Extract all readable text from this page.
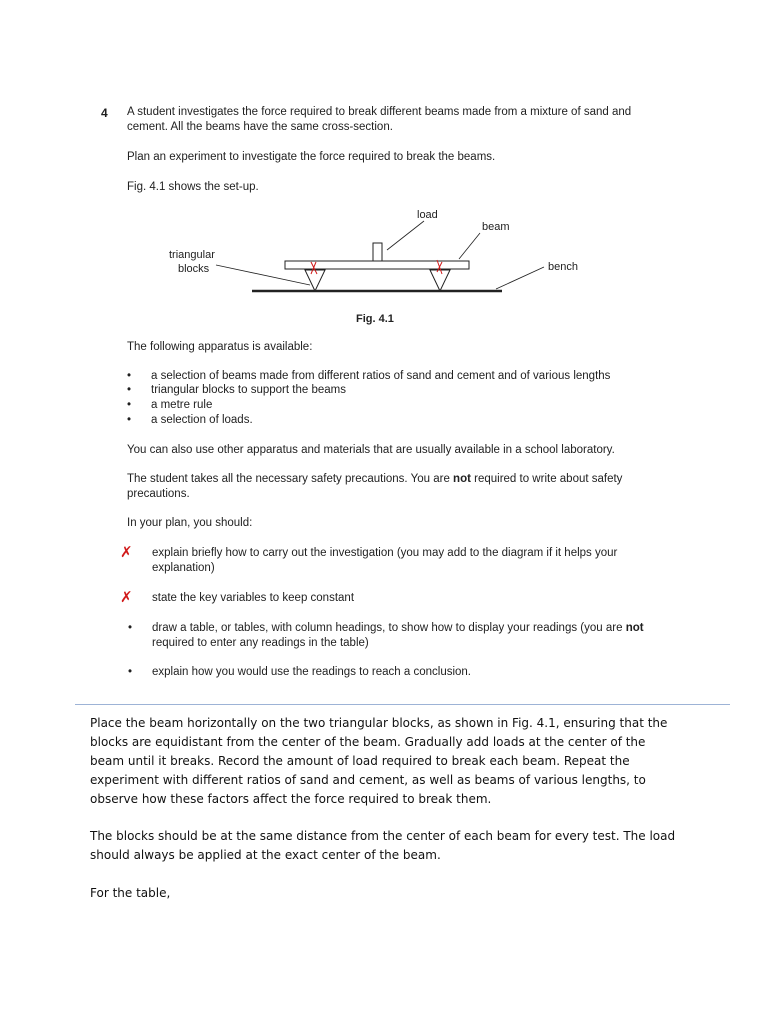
4 A student investigates the force required to break different beams made from a mixture of sand and cement. All the beams have the same cross-section.
Plan an experiment to investigate the force required to break the beams.
Fig. 4.1 shows the set-up.
load
beam
triangular
blocks	bench
Fig. 4.1
The following apparatus is available:
•	a selection of beams made from different ratios of sand and cement and of various lengths
•	triangular blocks to support the beams
•	a metre rule
•	a selection of loads.
You can also use other apparatus and materials that are usually available in a school laboratory.
The student takes all the necessary safety precautions. You are not required to write about safety precautions.
In your plan, you should:
✗	explain briefly how to carry out the investigation (you may add to the diagram if it helps your explanation)
✗	state the key variables to keep constant
• draw a table, or tables, with column headings, to show how to display your readings (you are not required to enter any readings in the table)
• explain how you would use the readings to reach a conclusion.
Place the beam horizontally on the two triangular blocks, as shown in Fig. 4.1, ensuring that the blocks are equidistant from the center of the beam. Gradually add loads at the center of the beam until it breaks. Record the amount of load required to break each beam. Repeat the experiment with different ratios of sand and cement, as well as beams of various lengths, to observe how these factors affect the force required to break them.
The blocks should be at the same distance from the center of each beam for every test. The load should always be applied at the exact center of the beam.
For the table,
